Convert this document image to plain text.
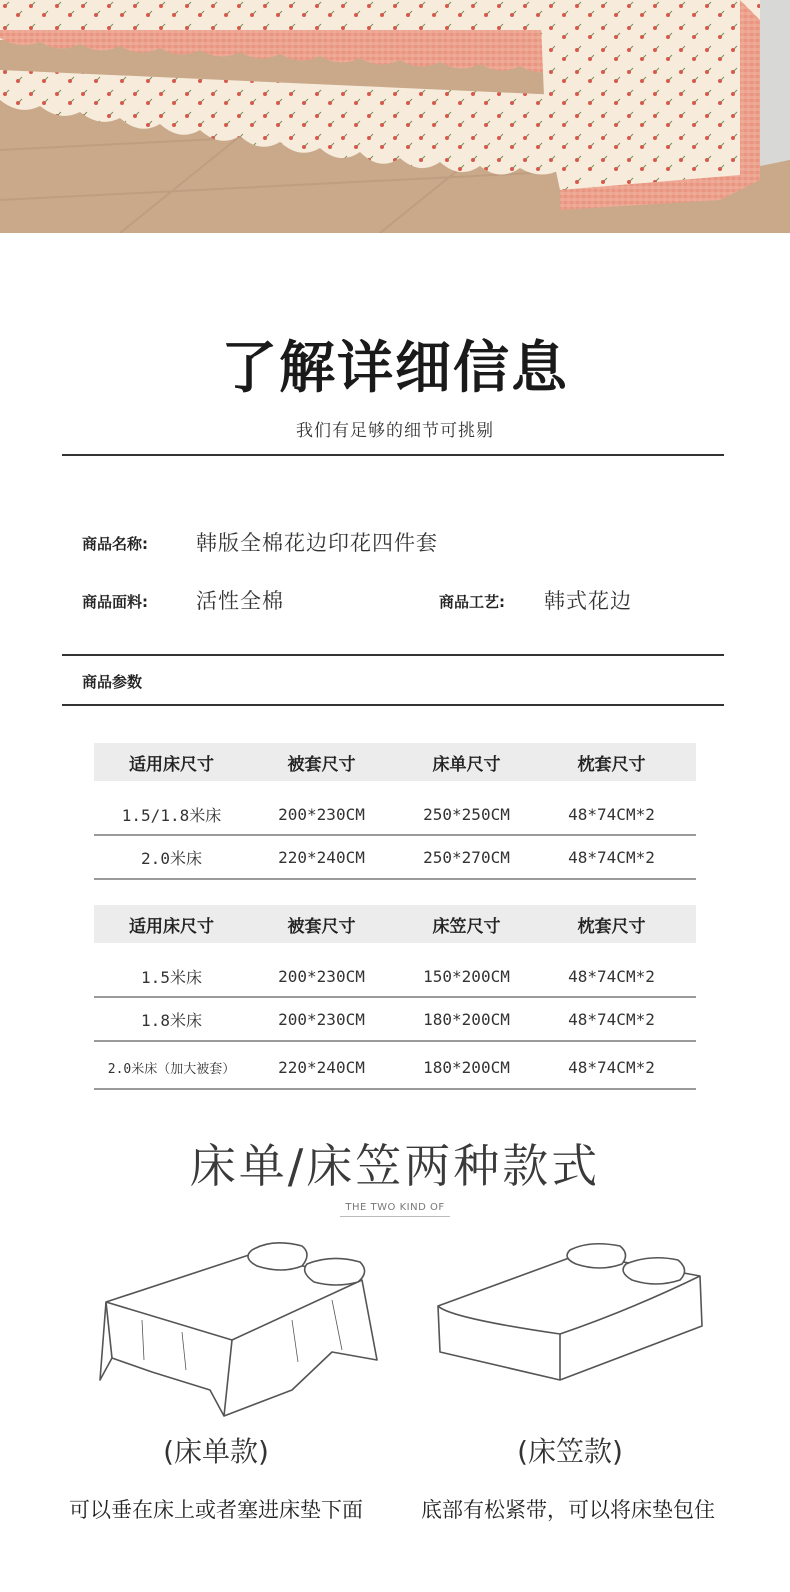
了解详细信息
我们有足够的细节可挑剔
商品名称: 韩版全棉花边印花四件套
商品面料: 活性全棉	商品工艺: 韩式花边
商品参数
适用床尺寸	被套尺寸	床单尺寸	枕套尺寸
1.5/1.8米床	200*230CM	250*250CM	48*74CM*2
2.0米床	220*240CM	250*270CM	48*74CM*2
适用床尺寸	被套尺寸	床笠尺寸	枕套尺寸
1.5米床	200*230CM	150*200CM	48*74CM*2
1.8米床	200*230CM	180*200CM	48*74CM*2
2.0米床（加大被套）	220*240CM	180*200CM	48*74CM*2
床单/床笠两种款式
THE TWO KIND OF
(床单款)	(床笠款)
可以垂在床上或者塞进床垫下面	底部有松紧带，可以将床垫包住
